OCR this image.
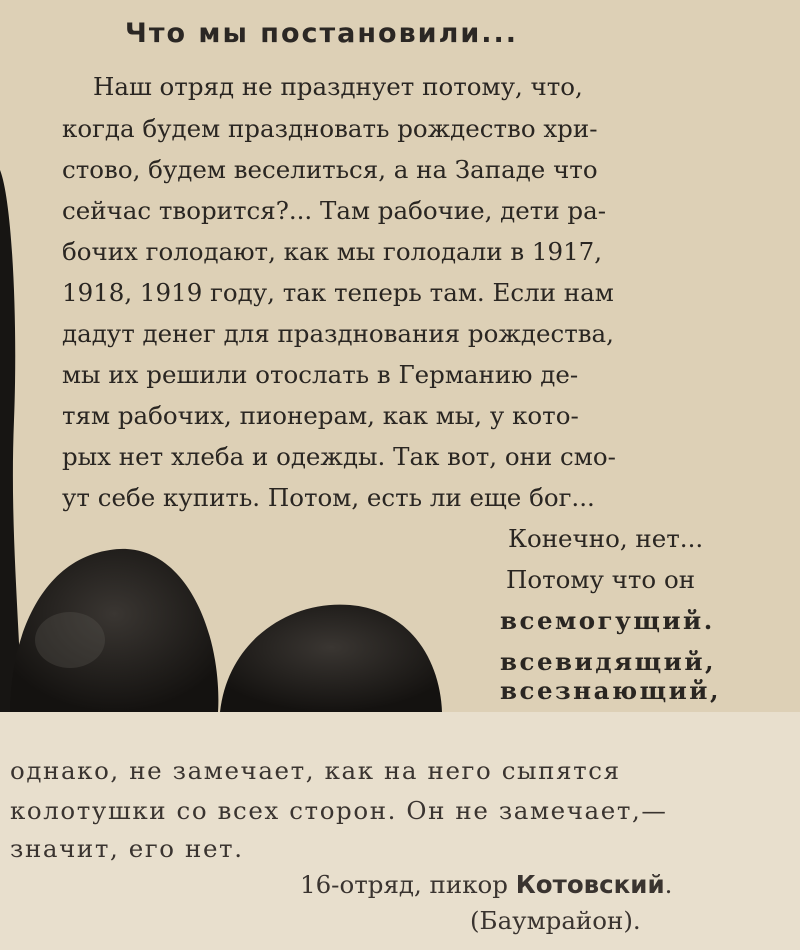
Что мы постановили...
Наш отряд не празднует потому, что,
когда будем праздновать рождество хри-
стово, будем веселиться, а на Западе что
сейчас творится?... Там рабочие, дети ра-
бочих голодают, как мы голодали в 1917,
1918, 1919 году, так теперь там. Если нам
дадут денег для празднования рождества,
мы их решили отослать в Германию де-
тям рабочих, пионерам, как мы, у кото-
рых нет хлеба и одежды. Так вот, они смо-
ут себе купить. Потом, есть ли еще бог...
Конечно, нет...
Потому что он
всемогущий.
всевидящий,
всезнающий,
однако, не замечает, как на него сыпятся
колотушки со всех сторон. Он не замечает,—
значит, его нет.
16-отряд, пикор Котовский.
(Баумрайон).
